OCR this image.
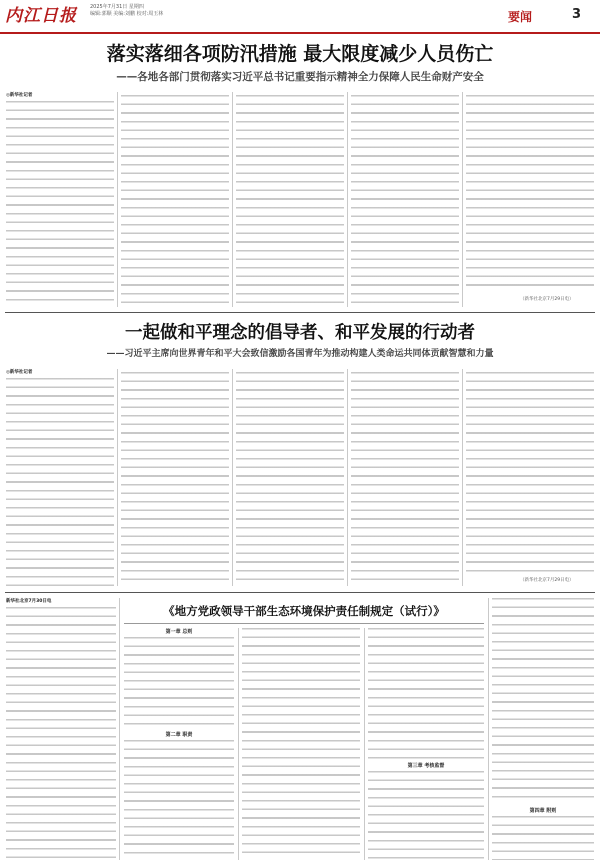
内江日报	2025年7月31日 星期四
编辑:郭顺 美编:刘鹏 校对:周玉林	要闻	3
落实落细各项防汛措施 最大限度减少人员伤亡
——各地各部门贯彻落实习近平总书记重要指示精神全力保障人民生命财产安全
◎新华社记者
（新华社北京7月29日电）
一起做和平理念的倡导者、和平发展的行动者
——习近平主席向世界青年和平大会致信激励各国青年为推动构建人类命运共同体贡献智慧和力量
◎新华社记者
（新华社北京7月29日电）
新华社北京7月30日电
《地方党政领导干部生态环境保护责任制规定（试行）》
第一章 总则
第二章 职责
第三章 考核监督
第四章 附则
